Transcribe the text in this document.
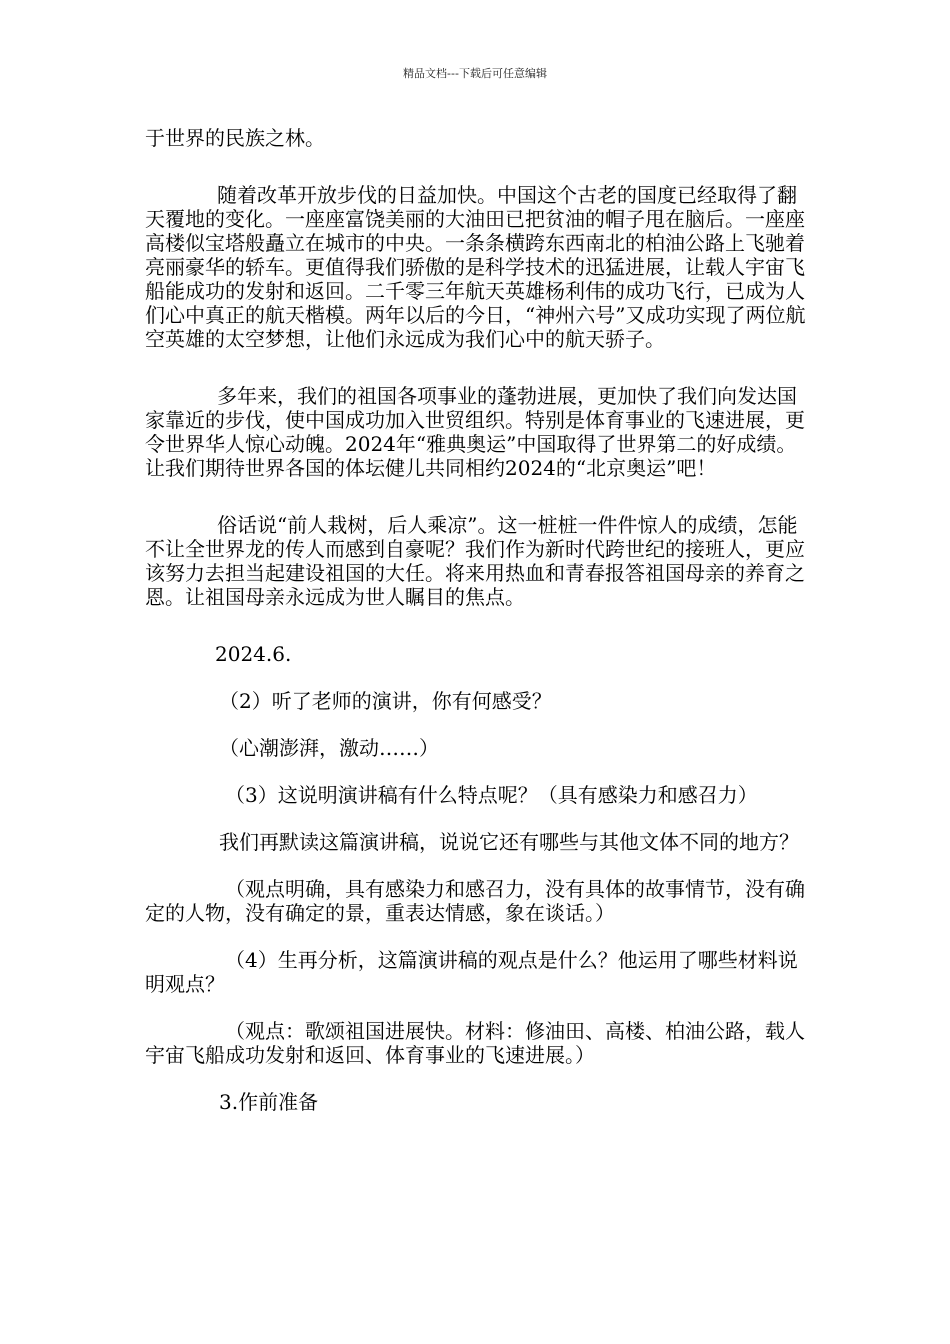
精品文档---下载后可任意编辑

于世界的民族之林。

随着改革开放步伐的日益加快。中国这个古老的国度已经取得了翻天覆地的变化。一座座富饶美丽的大油田已把贫油的帽子甩在脑后。一座座高楼似宝塔般矗立在城市的中央。一条条横跨东西南北的柏油公路上飞驰着亮丽豪华的轿车。更值得我们骄傲的是科学技术的迅猛进展，让载人宇宙飞船能成功的发射和返回。二千零三年航天英雄杨利伟的成功飞行，已成为人们心中真正的航天楷模。两年以后的今日，“神州六号”又成功实现了两位航空英雄的太空梦想，让他们永远成为我们心中的航天骄子。

多年来，我们的祖国各项事业的蓬勃进展，更加快了我们向发达国家靠近的步伐，使中国成功加入世贸组织。特别是体育事业的飞速进展，更令世界华人惊心动魄。2024年“雅典奥运”中国取得了世界第二的好成绩。让我们期待世界各国的体坛健儿共同相约2024的“北京奥运”吧！

俗话说“前人栽树，后人乘凉”。这一桩桩一件件惊人的成绩，怎能不让全世界龙的传人而感到自豪呢？我们作为新时代跨世纪的接班人，更应该努力去担当起建设祖国的大任。将来用热血和青春报答祖国母亲的养育之恩。让祖国母亲永远成为世人瞩目的焦点。

2024.6.

（2）听了老师的演讲，你有何感受？

（心潮澎湃，激动……）

（3）这说明演讲稿有什么特点呢？（具有感染力和感召力）

我们再默读这篇演讲稿，说说它还有哪些与其他文体不同的地方？

（观点明确，具有感染力和感召力，没有具体的故事情节，没有确定的人物，没有确定的景，重表达情感，象在谈话。）

（4）生再分析，这篇演讲稿的观点是什么？他运用了哪些材料说明观点？

（观点：歌颂祖国进展快。材料：修油田、高楼、柏油公路，载人宇宙飞船成功发射和返回、体育事业的飞速进展。）

3.作前准备
